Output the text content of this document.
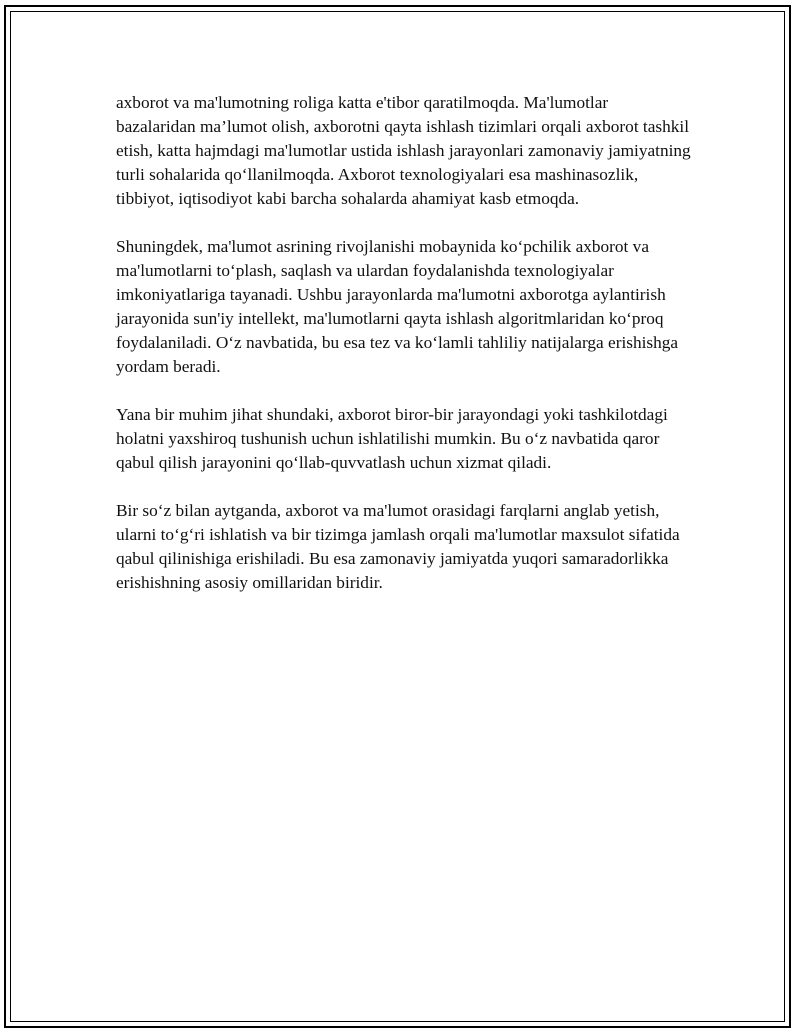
axborot va ma'lumotning roliga katta e'tibor qaratilmoqda. Ma'lumotlar bazalaridan ma’lumot olish, axborotni qayta ishlash tizimlari orqali axborot tashkil etish, katta hajmdagi ma'lumotlar ustida ishlash jarayonlari zamonaviy jamiyatning turli sohalarida qo‘llanilmoqda. Axborot texnologiyalari esa mashinasozlik, tibbiyot, iqtisodiyot kabi barcha sohalarda ahamiyat kasb etmoqda.

Shuningdek, ma'lumot asrining rivojlanishi mobaynida ko‘pchilik axborot va ma'lumotlarni to‘plash, saqlash va ulardan foydalanishda texnologiyalar imkoniyatlariga tayanadi. Ushbu jarayonlarda ma'lumotni axborotga aylantirish jarayonida sun'iy intellekt, ma'lumotlarni qayta ishlash algoritmlaridan ko‘proq foydalaniladi. O‘z navbatida, bu esa tez va ko‘lamli tahliliy natijalarga erishishga yordam beradi.

Yana bir muhim jihat shundaki, axborot biror-bir jarayondagi yoki tashkilotdagi holatni yaxshiroq tushunish uchun ishlatilishi mumkin. Bu o‘z navbatida qaror qabul qilish jarayonini qo‘llab-quvvatlash uchun xizmat qiladi.

Bir so‘z bilan aytganda, axborot va ma'lumot orasidagi farqlarni anglab yetish, ularni to‘g‘ri ishlatish va bir tizimga jamlash orqali ma'lumotlar maxsulot sifatida qabul qilinishiga erishiladi. Bu esa zamonaviy jamiyatda yuqori samaradorlikka erishishning asosiy omillaridan biridir.
